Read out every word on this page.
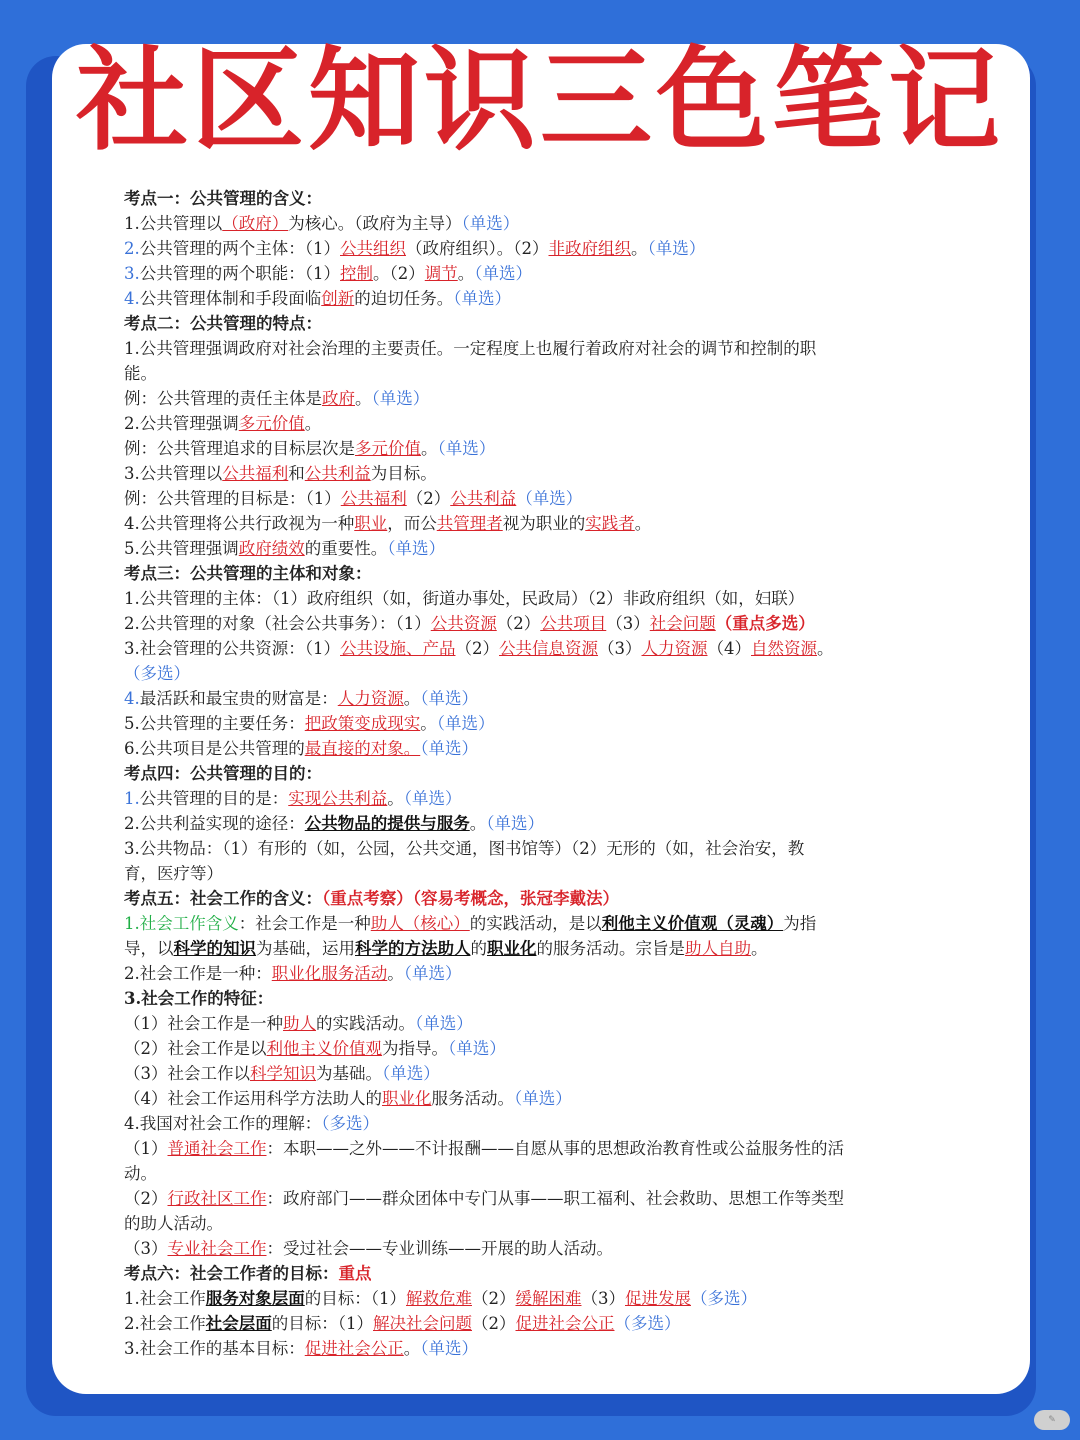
社区知识三色笔记
考点一：公共管理的含义：
1.公共管理以（政府）为核心。（政府为主导）（单选）
2.公共管理的两个主体：（1）公共组织（政府组织）。（2）非政府组织。（单选）
3.公共管理的两个职能：（1）控制。（2）调节。（单选）
4.公共管理体制和手段面临创新的迫切任务。（单选）
考点二：公共管理的特点：
1.公共管理强调政府对社会治理的主要责任。一定程度上也履行着政府对社会的调节和控制的职
能。
例：公共管理的责任主体是政府。（单选）
2.公共管理强调多元价值。
例：公共管理追求的目标层次是多元价值。（单选）
3.公共管理以公共福利和公共利益为目标。
例：公共管理的目标是：（1）公共福利（2）公共利益（单选）
4.公共管理将公共行政视为一种职业，而公共管理者视为职业的实践者。
5.公共管理强调政府绩效的重要性。（单选）
考点三：公共管理的主体和对象：
1.公共管理的主体：（1）政府组织（如，街道办事处，民政局）（2）非政府组织（如，妇联）
2.公共管理的对象（社会公共事务）：（1）公共资源（2）公共项目（3）社会问题（重点多选）
3.社会管理的公共资源：（1）公共设施、产品（2）公共信息资源（3）人力资源（4）自然资源。
（多选）
4.最活跃和最宝贵的财富是：人力资源。（单选）
5.公共管理的主要任务：把政策变成现实。（单选）
6.公共项目是公共管理的最直接的对象。（单选）
考点四：公共管理的目的：
1.公共管理的目的是：实现公共利益。（单选）
2.公共利益实现的途径：公共物品的提供与服务。（单选）
3.公共物品：（1）有形的（如，公园，公共交通，图书馆等）（2）无形的（如，社会治安，教
育，医疗等）
考点五：社会工作的含义：（重点考察）（容易考概念，张冠李戴法）
1.社会工作含义：社会工作是一种助人（核心）的实践活动，是以利他主义价值观（灵魂）为指
导，以科学的知识为基础，运用科学的方法助人的职业化的服务活动。宗旨是助人自助。
2.社会工作是一种：职业化服务活动。（单选）
3.社会工作的特征：
（1）社会工作是一种助人的实践活动。（单选）
（2）社会工作是以利他主义价值观为指导。（单选）
（3）社会工作以科学知识为基础。（单选）
（4）社会工作运用科学方法助人的职业化服务活动。（单选）
4.我国对社会工作的理解：（多选）
（1）普通社会工作：本职——之外——不计报酬——自愿从事的思想政治教育性或公益服务性的活
动。
（2）行政社区工作：政府部门——群众团体中专门从事——职工福利、社会救助、思想工作等类型
的助人活动。
（3）专业社会工作：受过社会——专业训练——开展的助人活动。
考点六：社会工作者的目标：重点
1.社会工作服务对象层面的目标：（1）解救危难（2）缓解困难（3）促进发展（多选）
2.社会工作社会层面的目标：（1）解决社会问题（2）促进社会公正（多选）
3.社会工作的基本目标：促进社会公正。（单选）
✎
